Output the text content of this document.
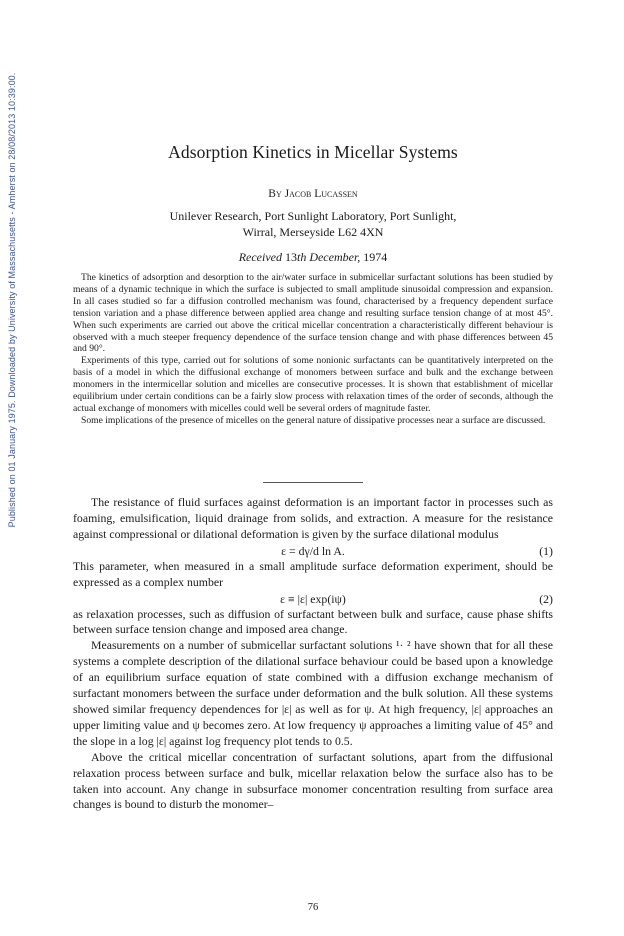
Published on 01 January 1975. Downloaded by University of Massachusetts - Amherst on 28/08/2013 10:39:00.	Adsorption Kinetics in Micellar Systems
By Jacob Lucassen
Unilever Research, Port Sunlight Laboratory, Port Sunlight,
Wirral, Merseyside L62 4XN
Received 13th December, 1974

The kinetics of adsorption and desorption to the air/water surface in submicellar surfactant solutions has been studied by means of a dynamic technique in which the surface is subjected to small amplitude sinusoidal compression and expansion. In all cases studied so far a diffusion controlled mechanism was found, characterised by a frequency dependent surface tension variation and a phase difference between applied area change and resulting surface tension change of at most 45°. When such experiments are carried out above the critical micellar concentration a characteristically different behaviour is observed with a much steeper frequency dependence of the surface tension change and with phase differences between 45 and 90°.

Experiments of this type, carried out for solutions of some nonionic surfactants can be quantitatively interpreted on the basis of a model in which the diffusional exchange of monomers between surface and bulk and the exchange between monomers in the intermicellar solution and micelles are consecutive processes. It is shown that establishment of micellar equilibrium under certain conditions can be a fairly slow process with relaxation times of the order of seconds, although the actual exchange of monomers with micelles could well be several orders of magnitude faster.

Some implications of the presence of micelles on the general nature of dissipative processes near a surface are discussed.

The resistance of fluid surfaces against deformation is an important factor in processes such as foaming, emulsification, liquid drainage from solids, and extraction. A measure for the resistance against compressional or dilational deformation is given by the surface dilational modulus

ε = dγ/d ln A.	(1)

This parameter, when measured in a small amplitude surface deformation experiment, should be expressed as a complex number

ε ≡ |ε| exp(iψ)	(2)

as relaxation processes, such as diffusion of surfactant between bulk and surface, cause phase shifts between surface tension change and imposed area change.

Measurements on a number of submicellar surfactant solutions ¹· ² have shown that for all these systems a complete description of the dilational surface behaviour could be based upon a knowledge of an equilibrium surface equation of state combined with a diffusion exchange mechanism of surfactant monomers between the surface under deformation and the bulk solution. All these systems showed similar frequency dependences for |ε| as well as for ψ. At high frequency, |ε| approaches an upper limiting value and ψ becomes zero. At low frequency ψ approaches a limiting value of 45° and the slope in a log |ε| against log frequency plot tends to 0.5.

Above the critical micellar concentration of surfactant solutions, apart from the diffusional relaxation process between surface and bulk, micellar relaxation below the surface also has to be taken into account. Any change in subsurface monomer concentration resulting from surface area changes is bound to disturb the monomer–

76
